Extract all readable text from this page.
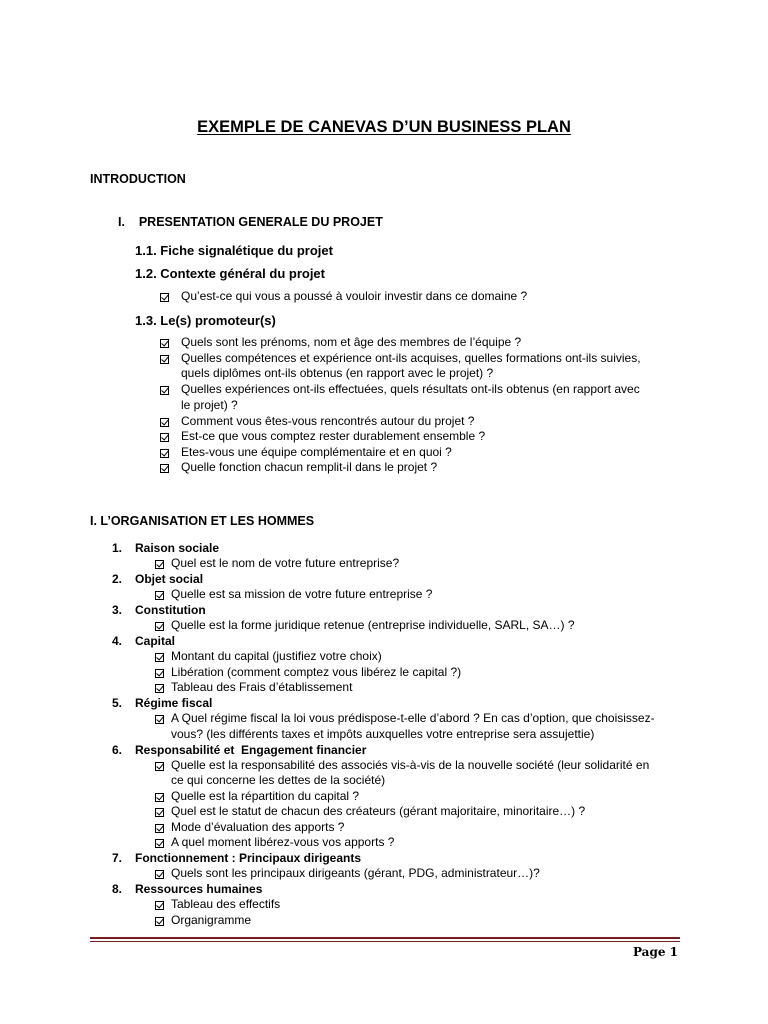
EXEMPLE DE CANEVAS D’UN BUSINESS PLAN
INTRODUCTION
I.    PRESENTATION GENERALE DU PROJET
1.1. Fiche signalétique du projet
1.2. Contexte général du projet
Qu’est-ce qui vous a poussé à vouloir investir dans ce domaine ?
1.3. Le(s) promoteur(s)
Quels sont les prénoms, nom et âge des membres de l’équipe ?
Quelles compétences et expérience ont-ils acquises, quelles formations ont-ils suivies,
quels diplômes ont-ils obtenus (en rapport avec le projet) ?
Quelles expériences ont-ils effectuées, quels résultats ont-ils obtenus (en rapport avec
le projet) ?
Comment vous êtes-vous rencontrés autour du projet ?
Est-ce que vous comptez rester durablement ensemble ?
Etes-vous une équipe complémentaire et en quoi ?
Quelle fonction chacun remplit-il dans le projet ?
I. L’ORGANISATION ET LES HOMMES
1. Raison sociale
Quel est le nom de votre future entreprise?
2. Objet social
Quelle est sa mission de votre future entreprise ?
3. Constitution
Quelle est la forme juridique retenue (entreprise individuelle, SARL, SA…) ?
4. Capital
Montant du capital (justifiez votre choix)
Libération (comment comptez vous libérez le capital ?)
Tableau des Frais d’établissement
5. Régime fiscal
A Quel régime fiscal la loi vous prédispose-t-elle d’abord ? En cas d’option, que choisissez-
vous? (les différents taxes et impôts auxquelles votre entreprise sera assujettie)
6. Responsabilité et  Engagement financier
Quelle est la responsabilité des associés vis-à-vis de la nouvelle société (leur solidarité en
ce qui concerne les dettes de la société)
Quelle est la répartition du capital ?
Quel est le statut de chacun des créateurs (gérant majoritaire, minoritaire…) ?
Mode d’évaluation des apports ?
A quel moment libérez-vous vos apports ?
7. Fonctionnement : Principaux dirigeants
Quels sont les principaux dirigeants (gérant, PDG, administrateur…)?
8. Ressources humaines
Tableau des effectifs
Organigramme
Page 1
